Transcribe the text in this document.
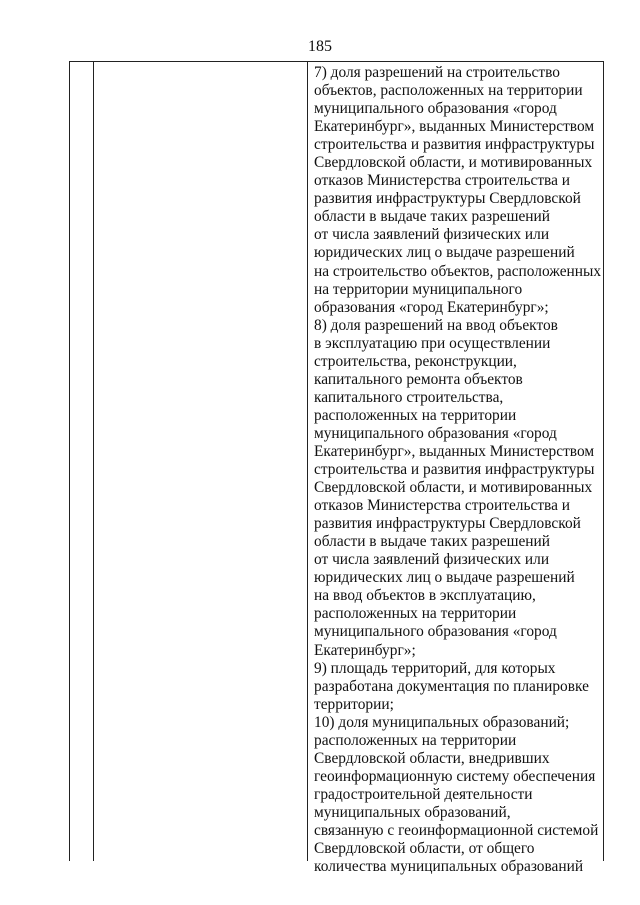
185
7) доля разрешений на строительство
объектов, расположенных на территории
муниципального образования «город
Екатеринбург», выданных Министерством
строительства и развития инфраструктуры
Свердловской области, и мотивированных
отказов Министерства строительства и
развития инфраструктуры Свердловской
области в выдаче таких разрешений
от числа заявлений физических или
юридических лиц о выдаче разрешений
на строительство объектов, расположенных
на территории муниципального
образования «город Екатеринбург»;
8) доля разрешений на ввод объектов
в эксплуатацию при осуществлении
строительства, реконструкции,
капитального ремонта объектов
капитального строительства,
расположенных на территории
муниципального образования «город
Екатеринбург», выданных Министерством
строительства и развития инфраструктуры
Свердловской области, и мотивированных
отказов Министерства строительства и
развития инфраструктуры Свердловской
области в выдаче таких разрешений
от числа заявлений физических или
юридических лиц о выдаче разрешений
на ввод объектов в эксплуатацию,
расположенных на территории
муниципального образования «город
Екатеринбург»;
9) площадь территорий, для которых
разработана документация по планировке
территории;
10) доля муниципальных образований;
расположенных на территории
Свердловской области, внедривших
геоинформационную систему обеспечения
градостроительной деятельности
муниципальных образований,
связанную с геоинформационной системой
Свердловской области, от общего
количества муниципальных образований
